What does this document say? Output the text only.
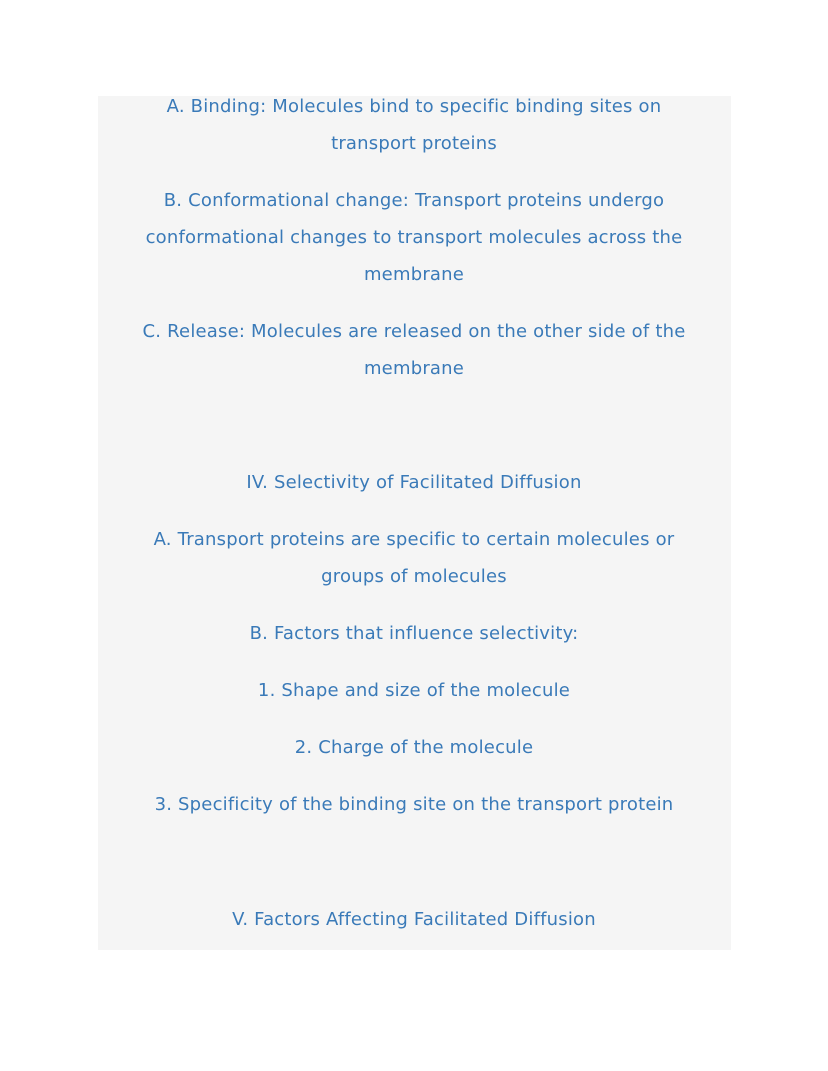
A. Binding: Molecules bind to specific binding sites on
transport proteins
B. Conformational change: Transport proteins undergo
conformational changes to transport molecules across the
membrane
C. Release: Molecules are released on the other side of the
membrane
IV. Selectivity of Facilitated Diffusion
A. Transport proteins are specific to certain molecules or
groups of molecules
B. Factors that influence selectivity:
1. Shape and size of the molecule
2. Charge of the molecule
3. Specificity of the binding site on the transport protein
V. Factors Affecting Facilitated Diffusion
